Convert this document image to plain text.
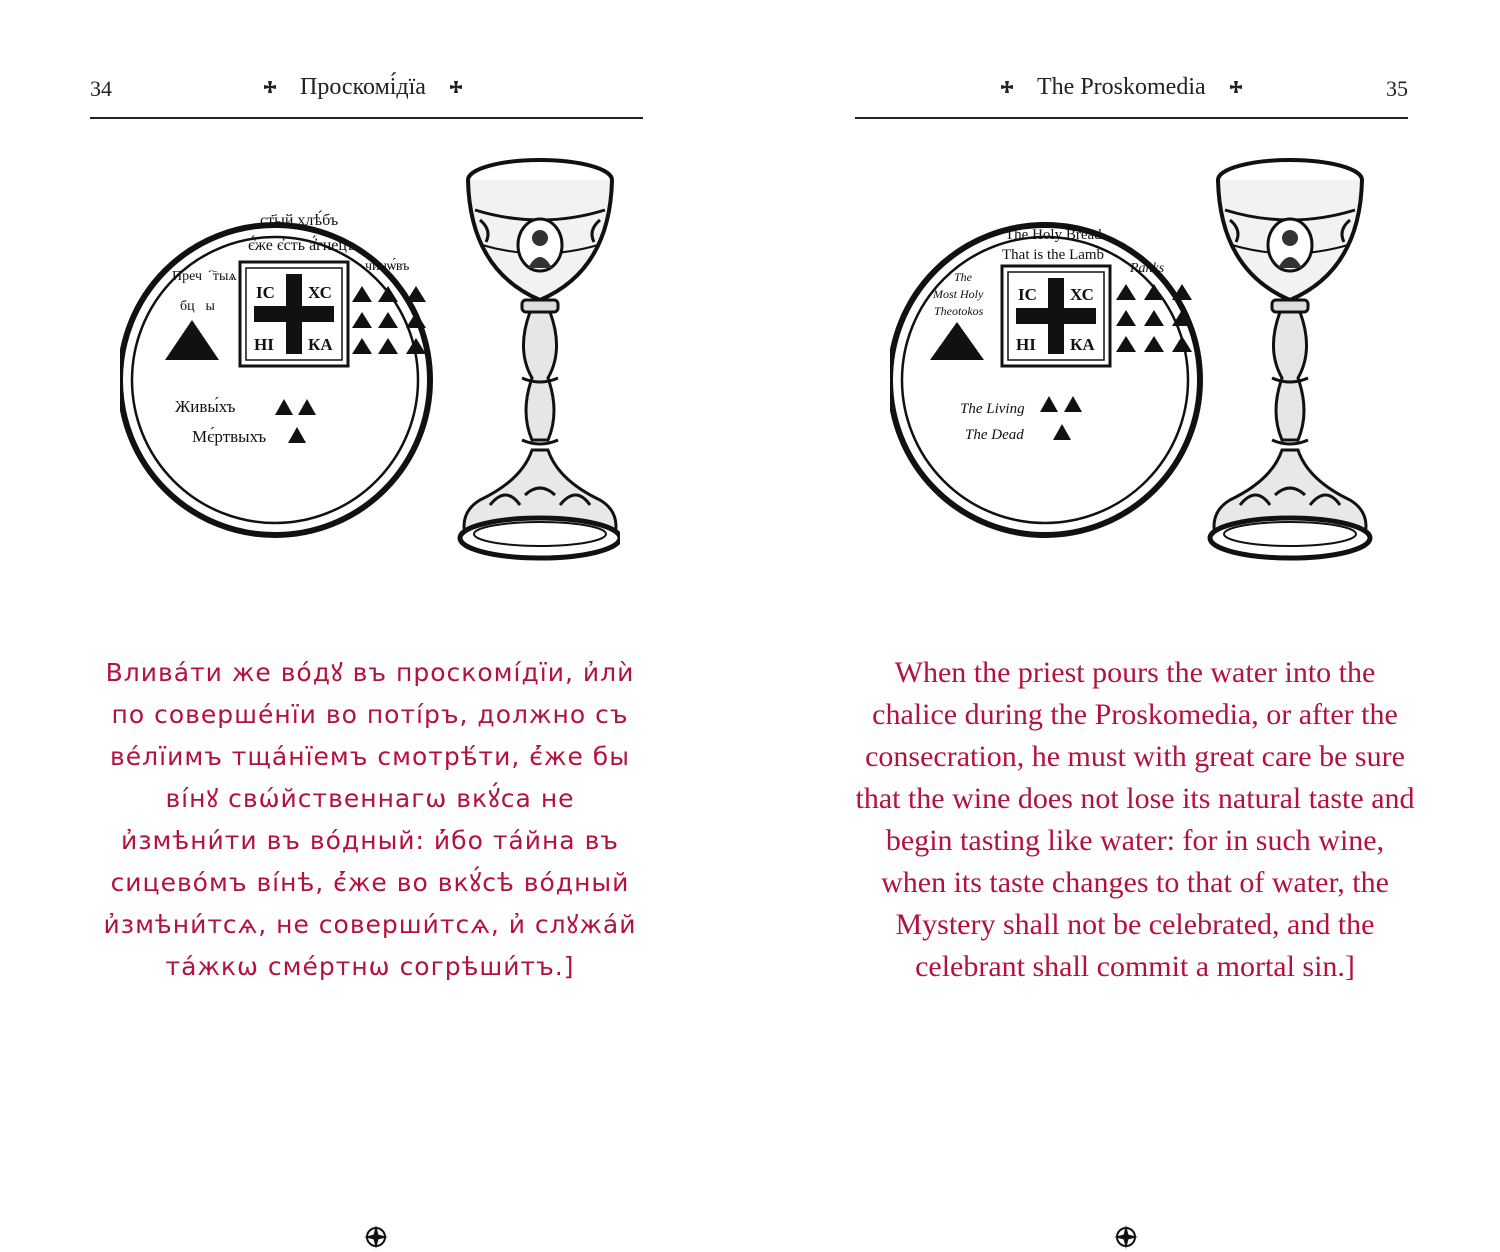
34	Проскомі́дїа
ст҃ый хлѣ́бъ
є҆́же є҆сть а҆́гнецъ
Пречⷭ҇тыѧ
бцⷣы
чинѡ́въ
ІС ХС
НІ КА
Живы́хъ
Мє́ртвыхъ
Влива́ти же во́дꙋ въ проскомі́дїи, и҆лѝ по соверше́нїи во потı́ръ, должно съ ве́лїимъ тща́нїемъ смотрѣ́ти, є҆́же бы ві́нꙋ свѡ́йственнагѡ вкꙋ́са не и҆змѣни́ти въ во́дный: и҆́бо та́йна въ сицево́мъ ві́нѣ, є҆́же во вкꙋ́сѣ во́дный и҆змѣни́тсѧ, не соверши́тсѧ, и҆ слꙋжа́й та́жкѡ сме́ртнѡ согрѣши́тъ.]
The Proskomedia	35
The Holy Bread
That is the Lamb
The
Most Holy
Theotokos
Ranks
ІС ХС
НІ КА
The Living
The Dead
When the priest pours the water into the chalice during the Proskomedia, or after the consecration, he must with great care be sure that the wine does not lose its natural taste and begin tasting like water: for in such wine, when its taste changes to that of water, the Mystery shall not be celebrated, and the celebrant shall commit a mortal sin.]
